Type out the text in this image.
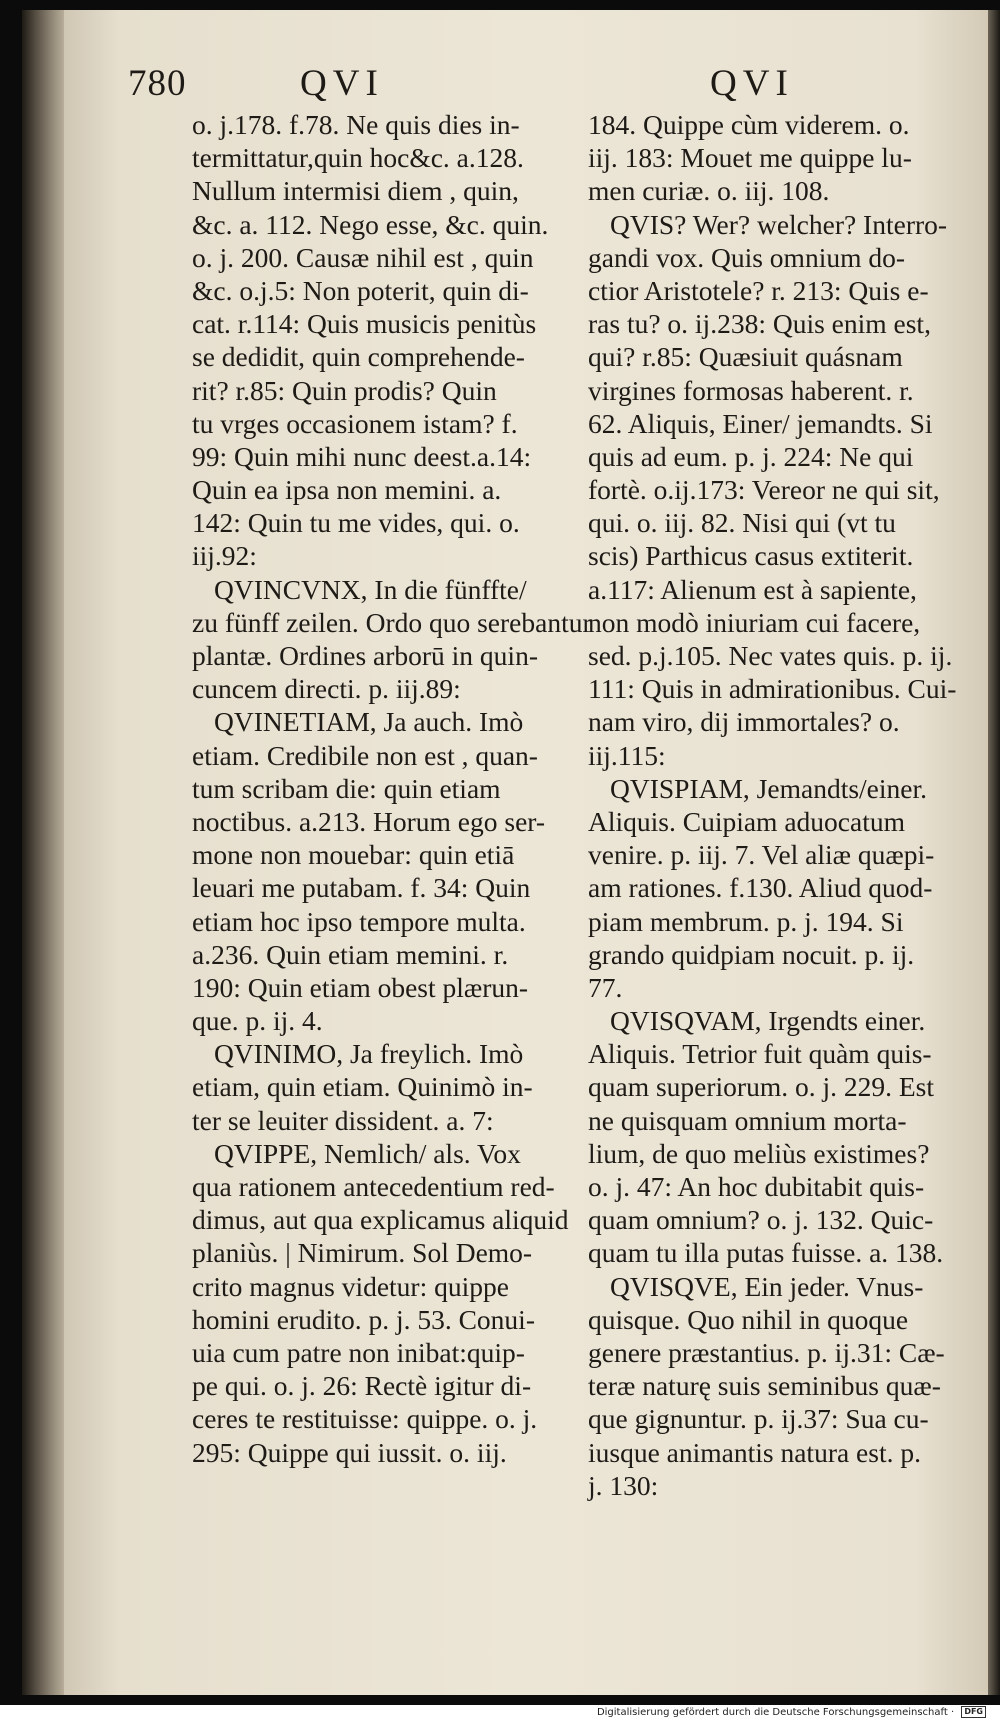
780	QVI	QVI
o. j.178. f.78. Ne quis dies in-
termittatur,quin hoc&c. a.128.
Nullum intermisi diem , quin,
&c. a. 112. Nego esse, &c. quin.
o. j. 200. Causæ nihil est , quin
&c. o.j.5: Non poterit, quin di-
cat. r.114: Quis musicis penitùs
se dedidit, quin comprehende-
rit? r.85: Quin prodis? Quin
tu vrges occasionem istam? f.
99: Quin mihi nunc deest.a.14:
Quin ea ipsa non memini. a.
142: Quin tu me vides, qui. o.
iij.92:
QVINCVNX, In die fünffte/
zu fünff zeilen. Ordo quo serebantur
plantæ. Ordines arborū in quin-
cuncem directi. p. iij.89:
QVINETIAM, Ja auch. Imò
etiam. Credibile non est , quan-
tum scribam die: quin etiam
noctibus. a.213. Horum ego ser-
mone non mouebar: quin etiā
leuari me putabam. f. 34: Quin
etiam hoc ipso tempore multa.
a.236. Quin etiam memini. r.
190: Quin etiam obest plærun-
que. p. ij. 4.
QVINIMO, Ja freylich. Imò
etiam, quin etiam. Quinimò in-
ter se leuiter dissident. a. 7:
QVIPPE, Nemlich/ als. Vox
qua rationem antecedentium red-
dimus, aut qua explicamus aliquid
planiùs. | Nimirum. Sol Demo-
crito magnus videtur: quippe
homini erudito. p. j. 53. Conui-
uia cum patre non inibat:quip-
pe qui. o. j. 26: Rectè igitur di-
ceres te restituisse: quippe. o. j.
295: Quippe qui iussit. o. iij.
184. Quippe cùm viderem. o.
iij. 183: Mouet me quippe lu-
men curiæ. o. iij. 108.
QVIS? Wer? welcher? Interro-
gandi vox. Quis omnium do-
ctior Aristotele? r. 213: Quis e-
ras tu? o. ij.238: Quis enim est,
qui? r.85: Quæsiuit quásnam
virgines formosas haberent. r.
62. Aliquis, Einer/ jemandts. Si
quis ad eum. p. j. 224: Ne qui
fortè. o.ij.173: Vereor ne qui sit,
qui. o. iij. 82. Nisi qui (vt tu
scis) Parthicus casus extiterit.
a.117: Alienum est à sapiente,
non modò iniuriam cui facere,
sed. p.j.105. Nec vates quis. p. ij.
111: Quis in admirationibus. Cui-
nam viro, dij immortales? o.
iij.115:
QVISPIAM, Jemandts/einer.
Aliquis. Cuipiam aduocatum
venire. p. iij. 7. Vel aliæ quæpi-
am rationes. f.130. Aliud quod-
piam membrum. p. j. 194. Si
grando quidpiam nocuit. p. ij.
77.
QVISQVAM, Irgendts einer.
Aliquis. Tetrior fuit quàm quis-
quam superiorum. o. j. 229. Est
ne quisquam omnium morta-
lium, de quo meliùs existimes?
o. j. 47: An hoc dubitabit quis-
quam omnium? o. j. 132. Quic-
quam tu illa putas fuisse. a. 138.
QVISQVE, Ein jeder. Vnus-
quisque. Quo nihil in quoque
genere præstantius. p. ij.31: Cæ-
teræ naturę suis seminibus quæ-
que gignuntur. p. ij.37: Sua cu-
iusque animantis natura est. p.
j. 130:
Digitalisierung gefördert durch die Deutsche Forschungsgemeinschaft · DFG
